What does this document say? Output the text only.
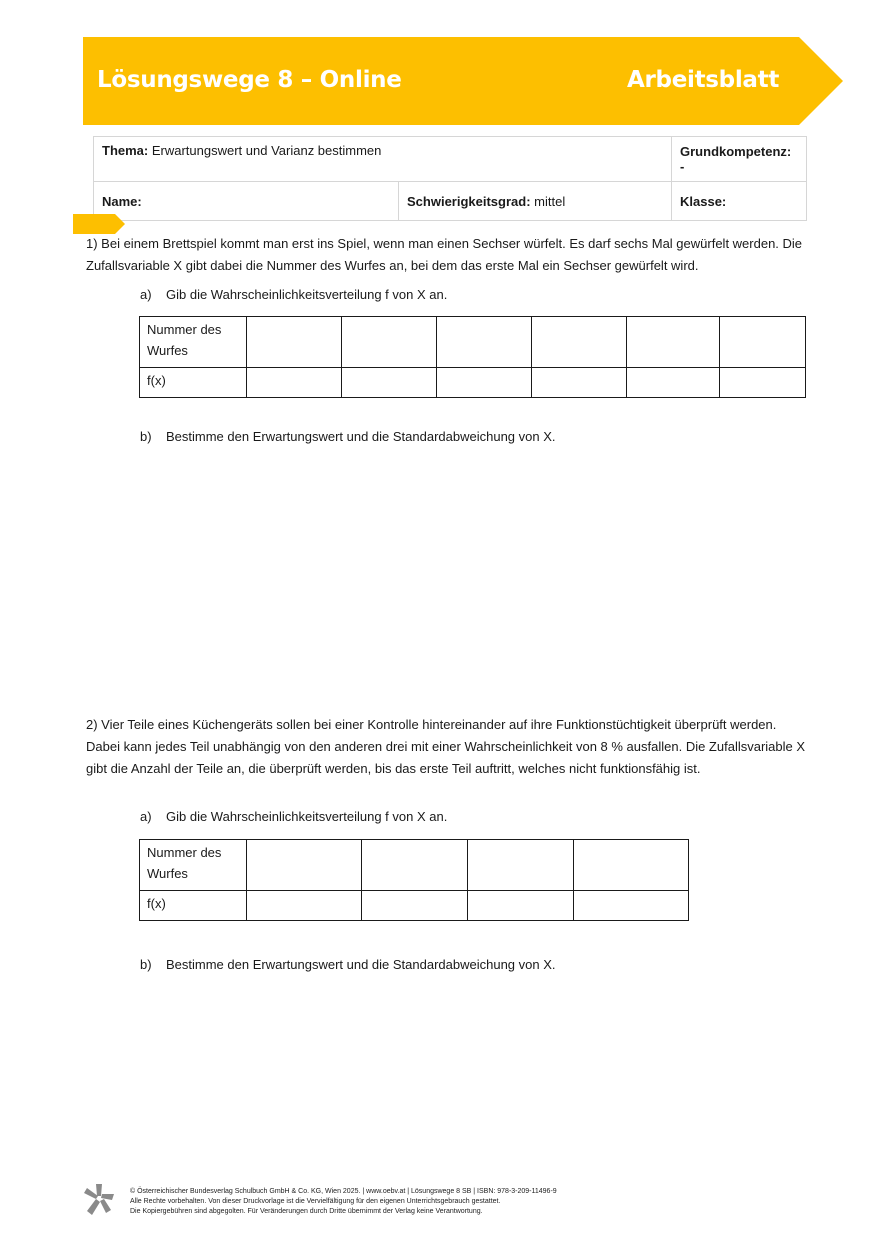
Lösungswege 8 – Online	Arbeitsblatt
Thema: Erwartungswert und Varianz bestimmen		Grundkompetenz: -
Name:	Schwierigkeitsgrad: mittel	Klasse:
1) Bei einem Brettspiel kommt man erst ins Spiel, wenn man einen Sechser würfelt. Es darf sechs Mal gewürfelt werden. Die Zufallsvariable X gibt dabei die Nummer des Wurfes an, bei dem das erste Mal ein Sechser gewürfelt wird.
a) Gib die Wahrscheinlichkeitsverteilung f von X an.
Nummer des Wurfes						
f(x)						
b) Bestimme den Erwartungswert und die Standardabweichung von X.
2) Vier Teile eines Küchengeräts sollen bei einer Kontrolle hintereinander auf ihre Funktionstüchtigkeit überprüft werden. Dabei kann jedes Teil unabhängig von den anderen drei mit einer Wahrscheinlichkeit von 8 % ausfallen. Die Zufallsvariable X gibt die Anzahl der Teile an, die überprüft werden, bis das erste Teil auftritt, welches nicht funktionsfähig ist.
a) Gib die Wahrscheinlichkeitsverteilung f von X an.
Nummer des Wurfes				
f(x)				
b) Bestimme den Erwartungswert und die Standardabweichung von X.
© Österreichischer Bundesverlag Schulbuch GmbH & Co. KG, Wien 2025. | www.oebv.at | Lösungswege 8 SB | ISBN: 978-3-209-11496-9
Alle Rechte vorbehalten. Von dieser Druckvorlage ist die Vervielfältigung für den eigenen Unterrichtsgebrauch gestattet.
Die Kopiergebühren sind abgegolten. Für Veränderungen durch Dritte übernimmt der Verlag keine Verantwortung.
